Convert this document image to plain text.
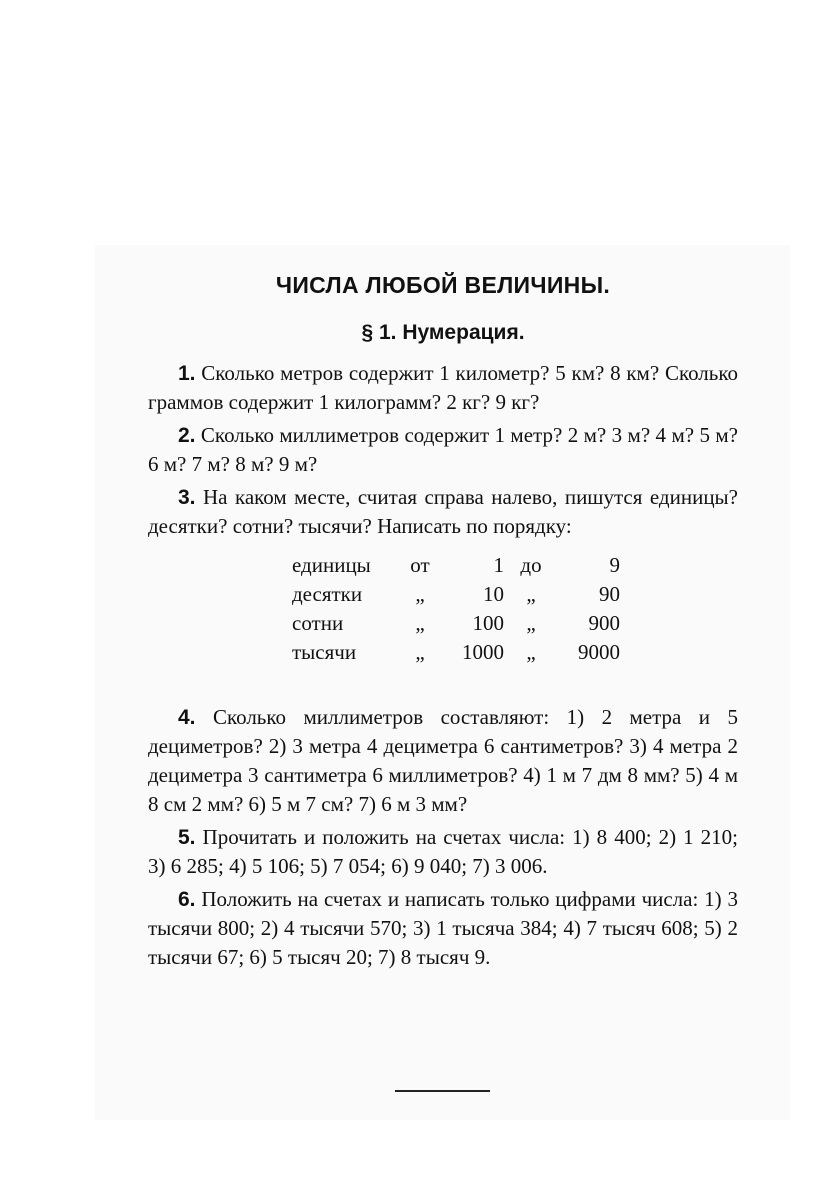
ЧИСЛА ЛЮБОЙ ВЕЛИЧИНЫ.
§ 1. Нумерация.

1. Сколько метров содержит 1 километр? 5 км? 8 км? Сколько граммов содержит 1 килограмм? 2 кг? 9 кг?

2. Сколько миллиметров содержит 1 метр? 2 м? 3 м? 4 м? 5 м? 6 м? 7 м? 8 м? 9 м?

3. На каком месте, считая справа налево, пишутся единицы? десятки? сотни? тысячи? Написать по порядку:

единицы	от	1	до	9
десятки	„	10	„	90
сотни	„	100	„	900
тысячи	„	1000	„	9000

4. Сколько миллиметров составляют: 1) 2 метра и 5 дециметров? 2) 3 метра 4 дециметра 6 сантиметров? 3) 4 метра 2 дециметра 3 сантиметра 6 миллиметров? 4) 1 м 7 дм 8 мм? 5) 4 м 8 см 2 мм? 6) 5 м 7 см? 7) 6 м 3 мм?

5. Прочитать и положить на счетах числа: 1) 8 400; 2) 1 210; 3) 6 285; 4) 5 106; 5) 7 054; 6) 9 040; 7) 3 006.

6. Положить на счетах и написать только цифрами числа: 1) 3 тысячи 800; 2) 4 тысячи 570; 3) 1 тысяча 384; 4) 7 тысяч 608; 5) 2 тысячи 67; 6) 5 тысяч 20; 7) 8 тысяч 9.
